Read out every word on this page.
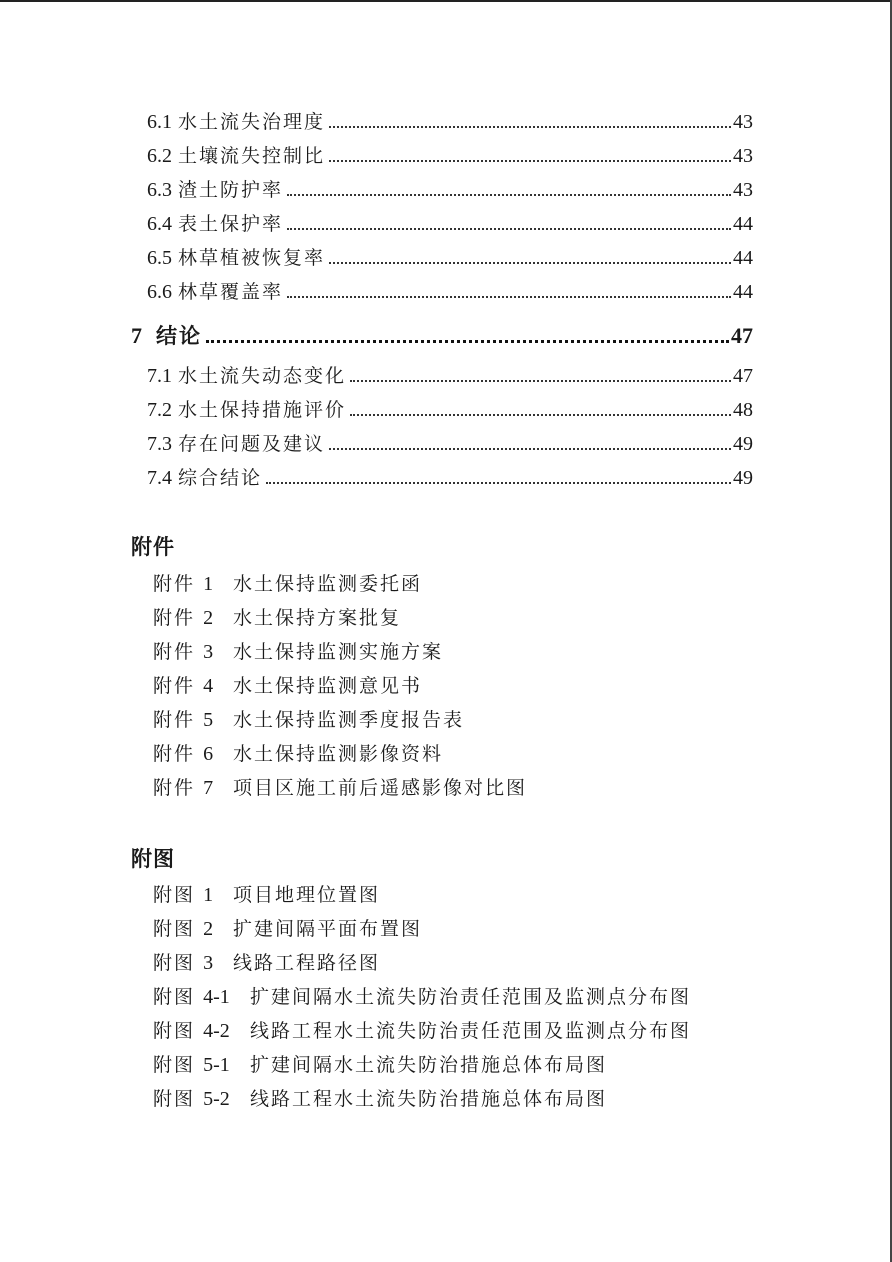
6.1 水土流失治理度	43
6.2 土壤流失控制比	43
6.3 渣土防护率	43
6.4 表土保护率	44
6.5 林草植被恢复率	44
6.6 林草覆盖率	44
7 结论	47
7.1 水土流失动态变化	47
7.2 水土保持措施评价	48
7.3 存在问题及建议	49
7.4 综合结论	49
附件
附件 1	水土保持监测委托函
附件 2	水土保持方案批复
附件 3	水土保持监测实施方案
附件 4	水土保持监测意见书
附件 5	水土保持监测季度报告表
附件 6	水土保持监测影像资料
附件 7	项目区施工前后遥感影像对比图
附图
附图 1	项目地理位置图
附图 2	扩建间隔平面布置图
附图 3	线路工程路径图
附图 4-1	扩建间隔水土流失防治责任范围及监测点分布图
附图 4-2	线路工程水土流失防治责任范围及监测点分布图
附图 5-1	扩建间隔水土流失防治措施总体布局图
附图 5-2	线路工程水土流失防治措施总体布局图
